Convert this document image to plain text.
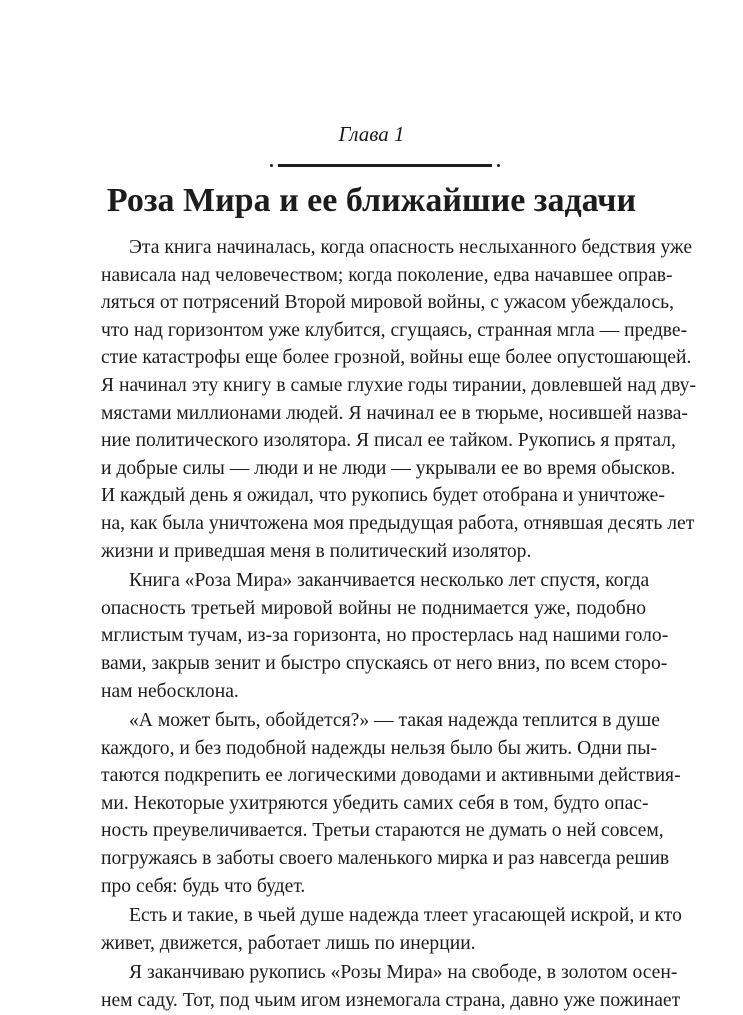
Глава 1
Роза Мира и ее ближайшие задачи
Эта книга начиналась, когда опасность неслыханного бедствия уже
нависала над человечеством; когда поколение, едва начавшее оправ-
ляться от потрясений Второй мировой войны, с ужасом убеждалось,
что над горизонтом уже клубится, сгущаясь, странная мгла — предве-
стие катастрофы еще более грозной, войны еще более опустошающей.
Я начинал эту книгу в самые глухие годы тирании, довлевшей над дву-
мястами миллионами людей. Я начинал ее в тюрьме, носившей назва-
ние политического изолятора. Я писал ее тайком. Рукопись я прятал,
и добрые силы — люди и не люди — укрывали ее во время обысков.
И каждый день я ожидал, что рукопись будет отобрана и уничтоже-
на, как была уничтожена моя предыдущая работа, отнявшая десять лет
жизни и приведшая меня в политический изолятор.
Книга «Роза Мира» заканчивается несколько лет спустя, когда
опасность третьей мировой войны не поднимается уже, подобно
мглистым тучам, из-за горизонта, но простерлась над нашими голо-
вами, закрыв зенит и быстро спускаясь от него вниз, по всем сторо-
нам небосклона.
«А может быть, обойдется?» — такая надежда теплится в душе
каждого, и без подобной надежды нельзя было бы жить. Одни пы-
таются подкрепить ее логическими доводами и активными действия-
ми. Некоторые ухитряются убедить самих себя в том, будто опас-
ность преувеличивается. Третьи стараются не думать о ней совсем,
погружаясь в заботы своего маленького мирка и раз навсегда решив
про себя: будь что будет.
Есть и такие, в чьей душе надежда тлеет угасающей искрой, и кто
живет, движется, работает лишь по инерции.
Я заканчиваю рукопись «Розы Мира» на свободе, в золотом осен-
нем саду. Тот, под чьим игом изнемогала страна, давно уже пожинает
